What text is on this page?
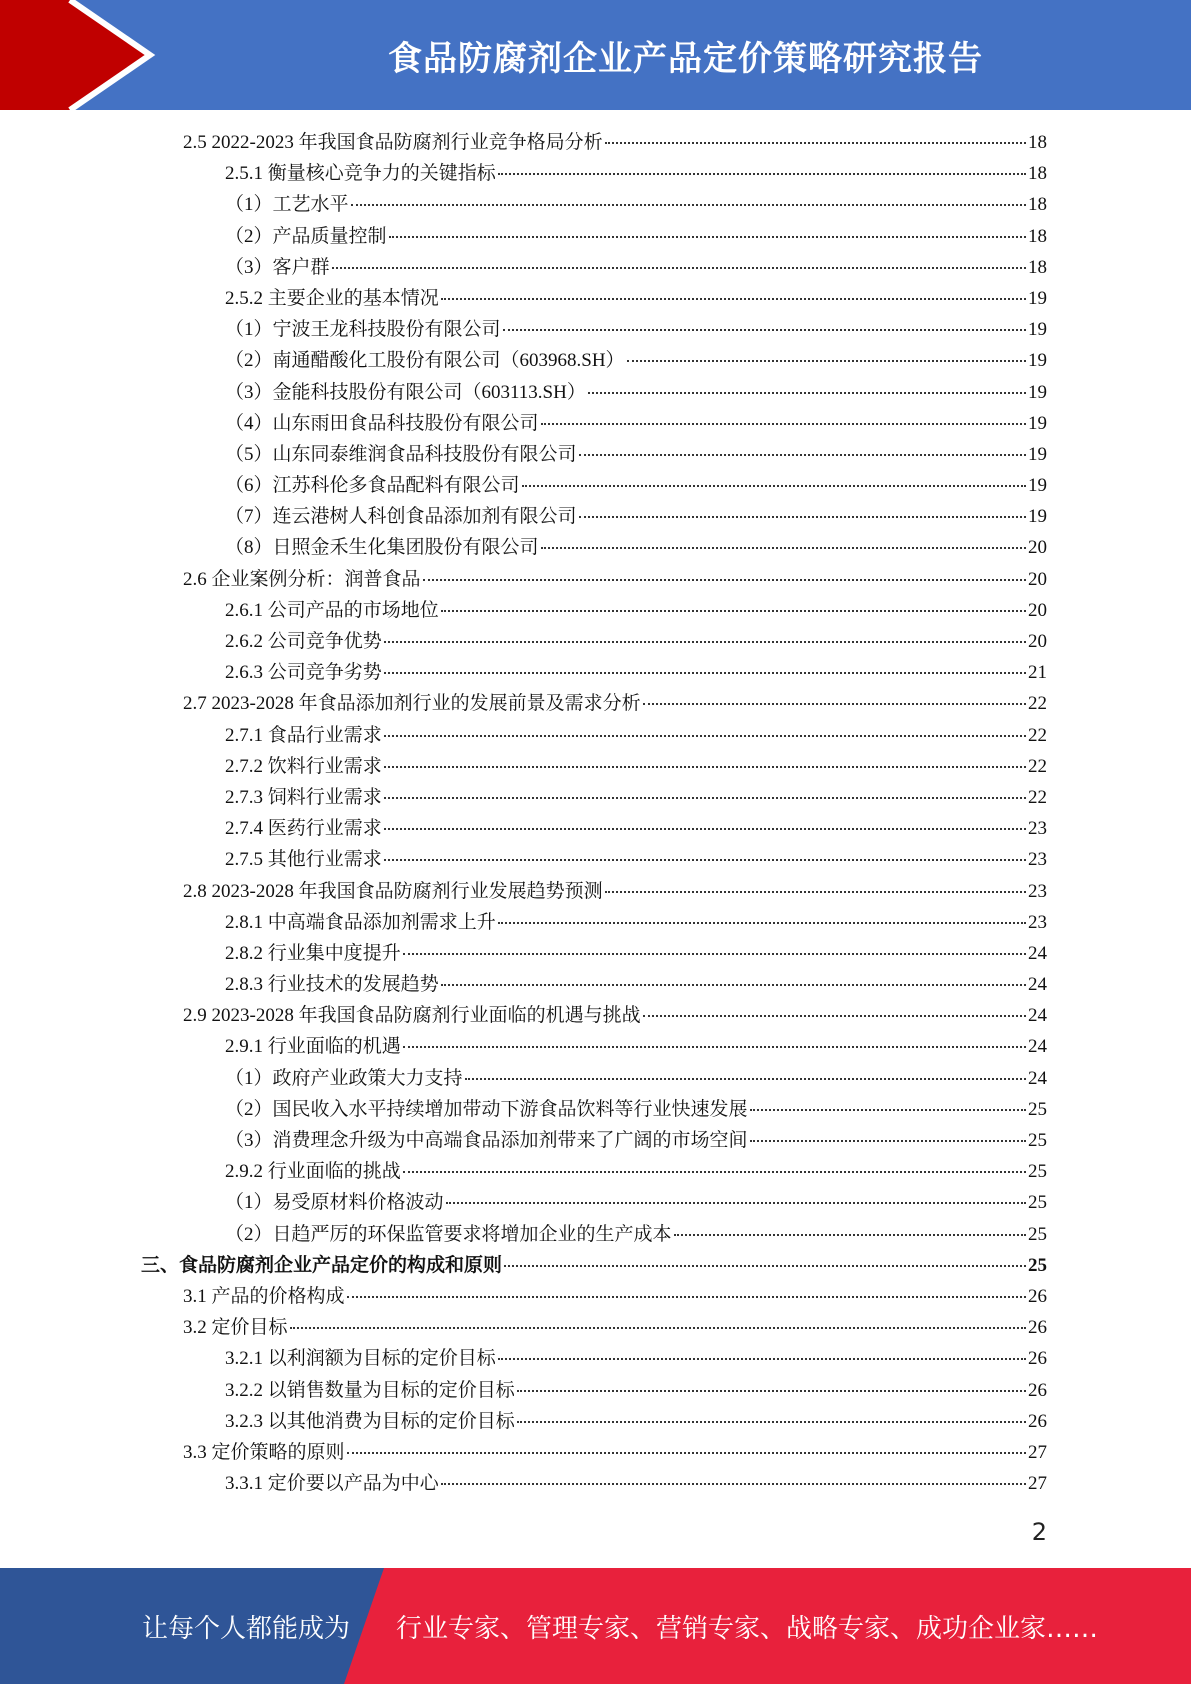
食品防腐剂企业产品定价策略研究报告
2.5 2022-2023 年我国食品防腐剂行业竞争格局分析	18
2.5.1 衡量核心竞争力的关键指标	18
（1）工艺水平	18
（2）产品质量控制	18
（3）客户群	18
2.5.2 主要企业的基本情况	19
（1）宁波王龙科技股份有限公司	19
（2）南通醋酸化工股份有限公司（603968.SH）	19
（3）金能科技股份有限公司（603113.SH）	19
（4）山东雨田食品科技股份有限公司	19
（5）山东同泰维润食品科技股份有限公司	19
（6）江苏科伦多食品配料有限公司	19
（7）连云港树人科创食品添加剂有限公司	19
（8）日照金禾生化集团股份有限公司	20
2.6 企业案例分析：润普食品	20
2.6.1 公司产品的市场地位	20
2.6.2 公司竞争优势	20
2.6.3 公司竞争劣势	21
2.7 2023-2028 年食品添加剂行业的发展前景及需求分析	22
2.7.1 食品行业需求	22
2.7.2 饮料行业需求	22
2.7.3 饲料行业需求	22
2.7.4 医药行业需求	23
2.7.5 其他行业需求	23
2.8 2023-2028 年我国食品防腐剂行业发展趋势预测	23
2.8.1 中高端食品添加剂需求上升	23
2.8.2 行业集中度提升	24
2.8.3 行业技术的发展趋势	24
2.9 2023-2028 年我国食品防腐剂行业面临的机遇与挑战	24
2.9.1 行业面临的机遇	24
（1）政府产业政策大力支持	24
（2）国民收入水平持续增加带动下游食品饮料等行业快速发展	25
（3）消费理念升级为中高端食品添加剂带来了广阔的市场空间	25
2.9.2 行业面临的挑战	25
（1）易受原材料价格波动	25
（2）日趋严厉的环保监管要求将增加企业的生产成本	25
三、食品防腐剂企业产品定价的构成和原则	25
3.1 产品的价格构成	26
3.2 定价目标	26
3.2.1 以利润额为目标的定价目标	26
3.2.2 以销售数量为目标的定价目标	26
3.2.3 以其他消费为目标的定价目标	26
3.3 定价策略的原则	27
3.3.1 定价要以产品为中心	27
2
让每个人都能成为 行业专家、管理专家、营销专家、战略专家、成功企业家……
